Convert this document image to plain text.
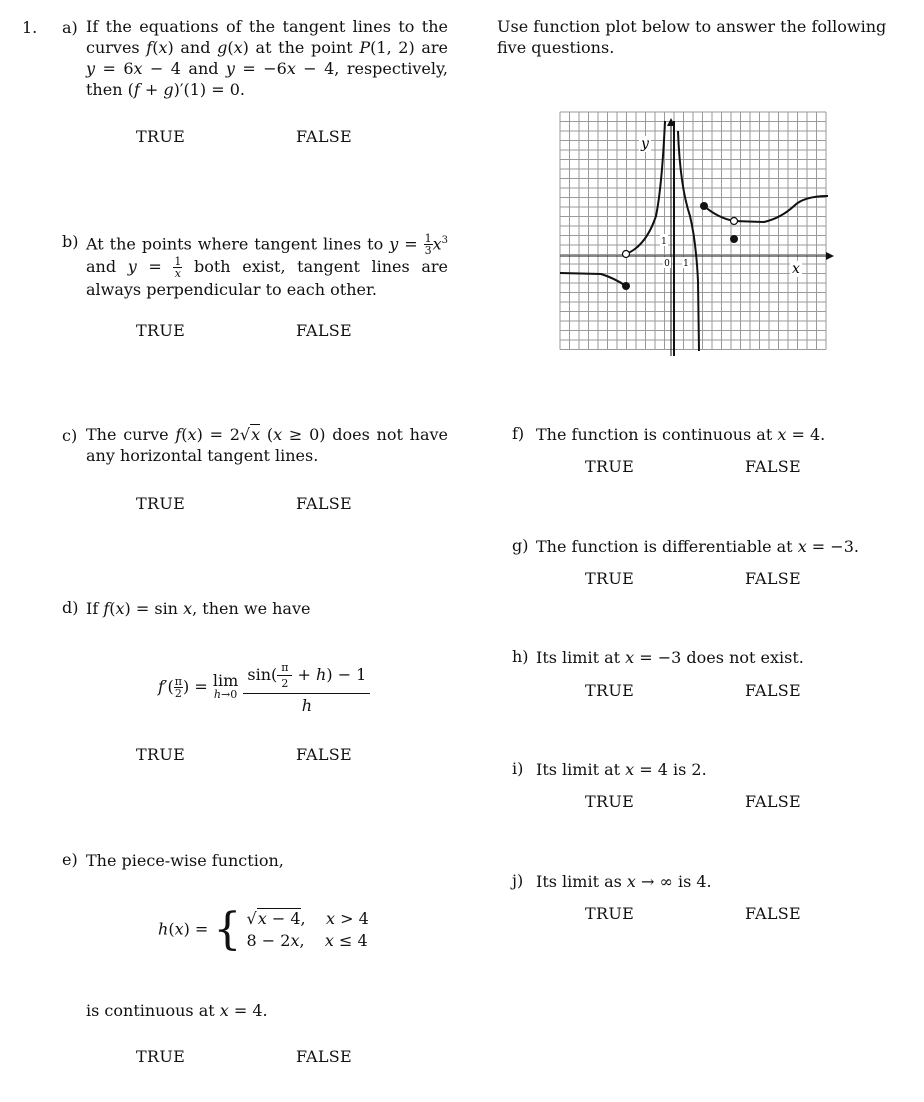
1. a) If the equations of the tangent lines to the curves f(x) and g(x) at the point P(1, 2) are y = 6x − 4 and y = −6x − 4, respectively, then (f + g)′(1) = 0.
TRUE	FALSE
b) At the points where tangent lines to $y = \frac{1}{3} x^3$ and $y = \frac{1}{x}$ both exist, tangent lines are always perpendicular to each other.
TRUE	FALSE
c) The curve f(x) = 2√x (x ≥ 0) does not have any horizontal tangent lines.
TRUE	FALSE
d) If f(x) = sin x, then we have
$f'( \frac{\pi}{2}$ ) = lim
h→0
$\frac{\sin( \frac{\pi}{2} + h) - 1}{h}$
TRUE	FALSE
e) The piece-wise function,
h(x) = { √x − 4,    x > 4
8 − 2x,    x ≤ 4
is continuous at x = 4.
TRUE	FALSE
Use function plot below to answer the following five questions.
y
x
1
0 1
f) The function is continuous at x = 4.
TRUE	FALSE
g) The function is differentiable at x = −3.
TRUE	FALSE
h) Its limit at x = −3 does not exist.
TRUE	FALSE
i) Its limit at x = 4 is 2.
TRUE	FALSE
j) Its limit as x → ∞ is 4.
TRUE	FALSE
